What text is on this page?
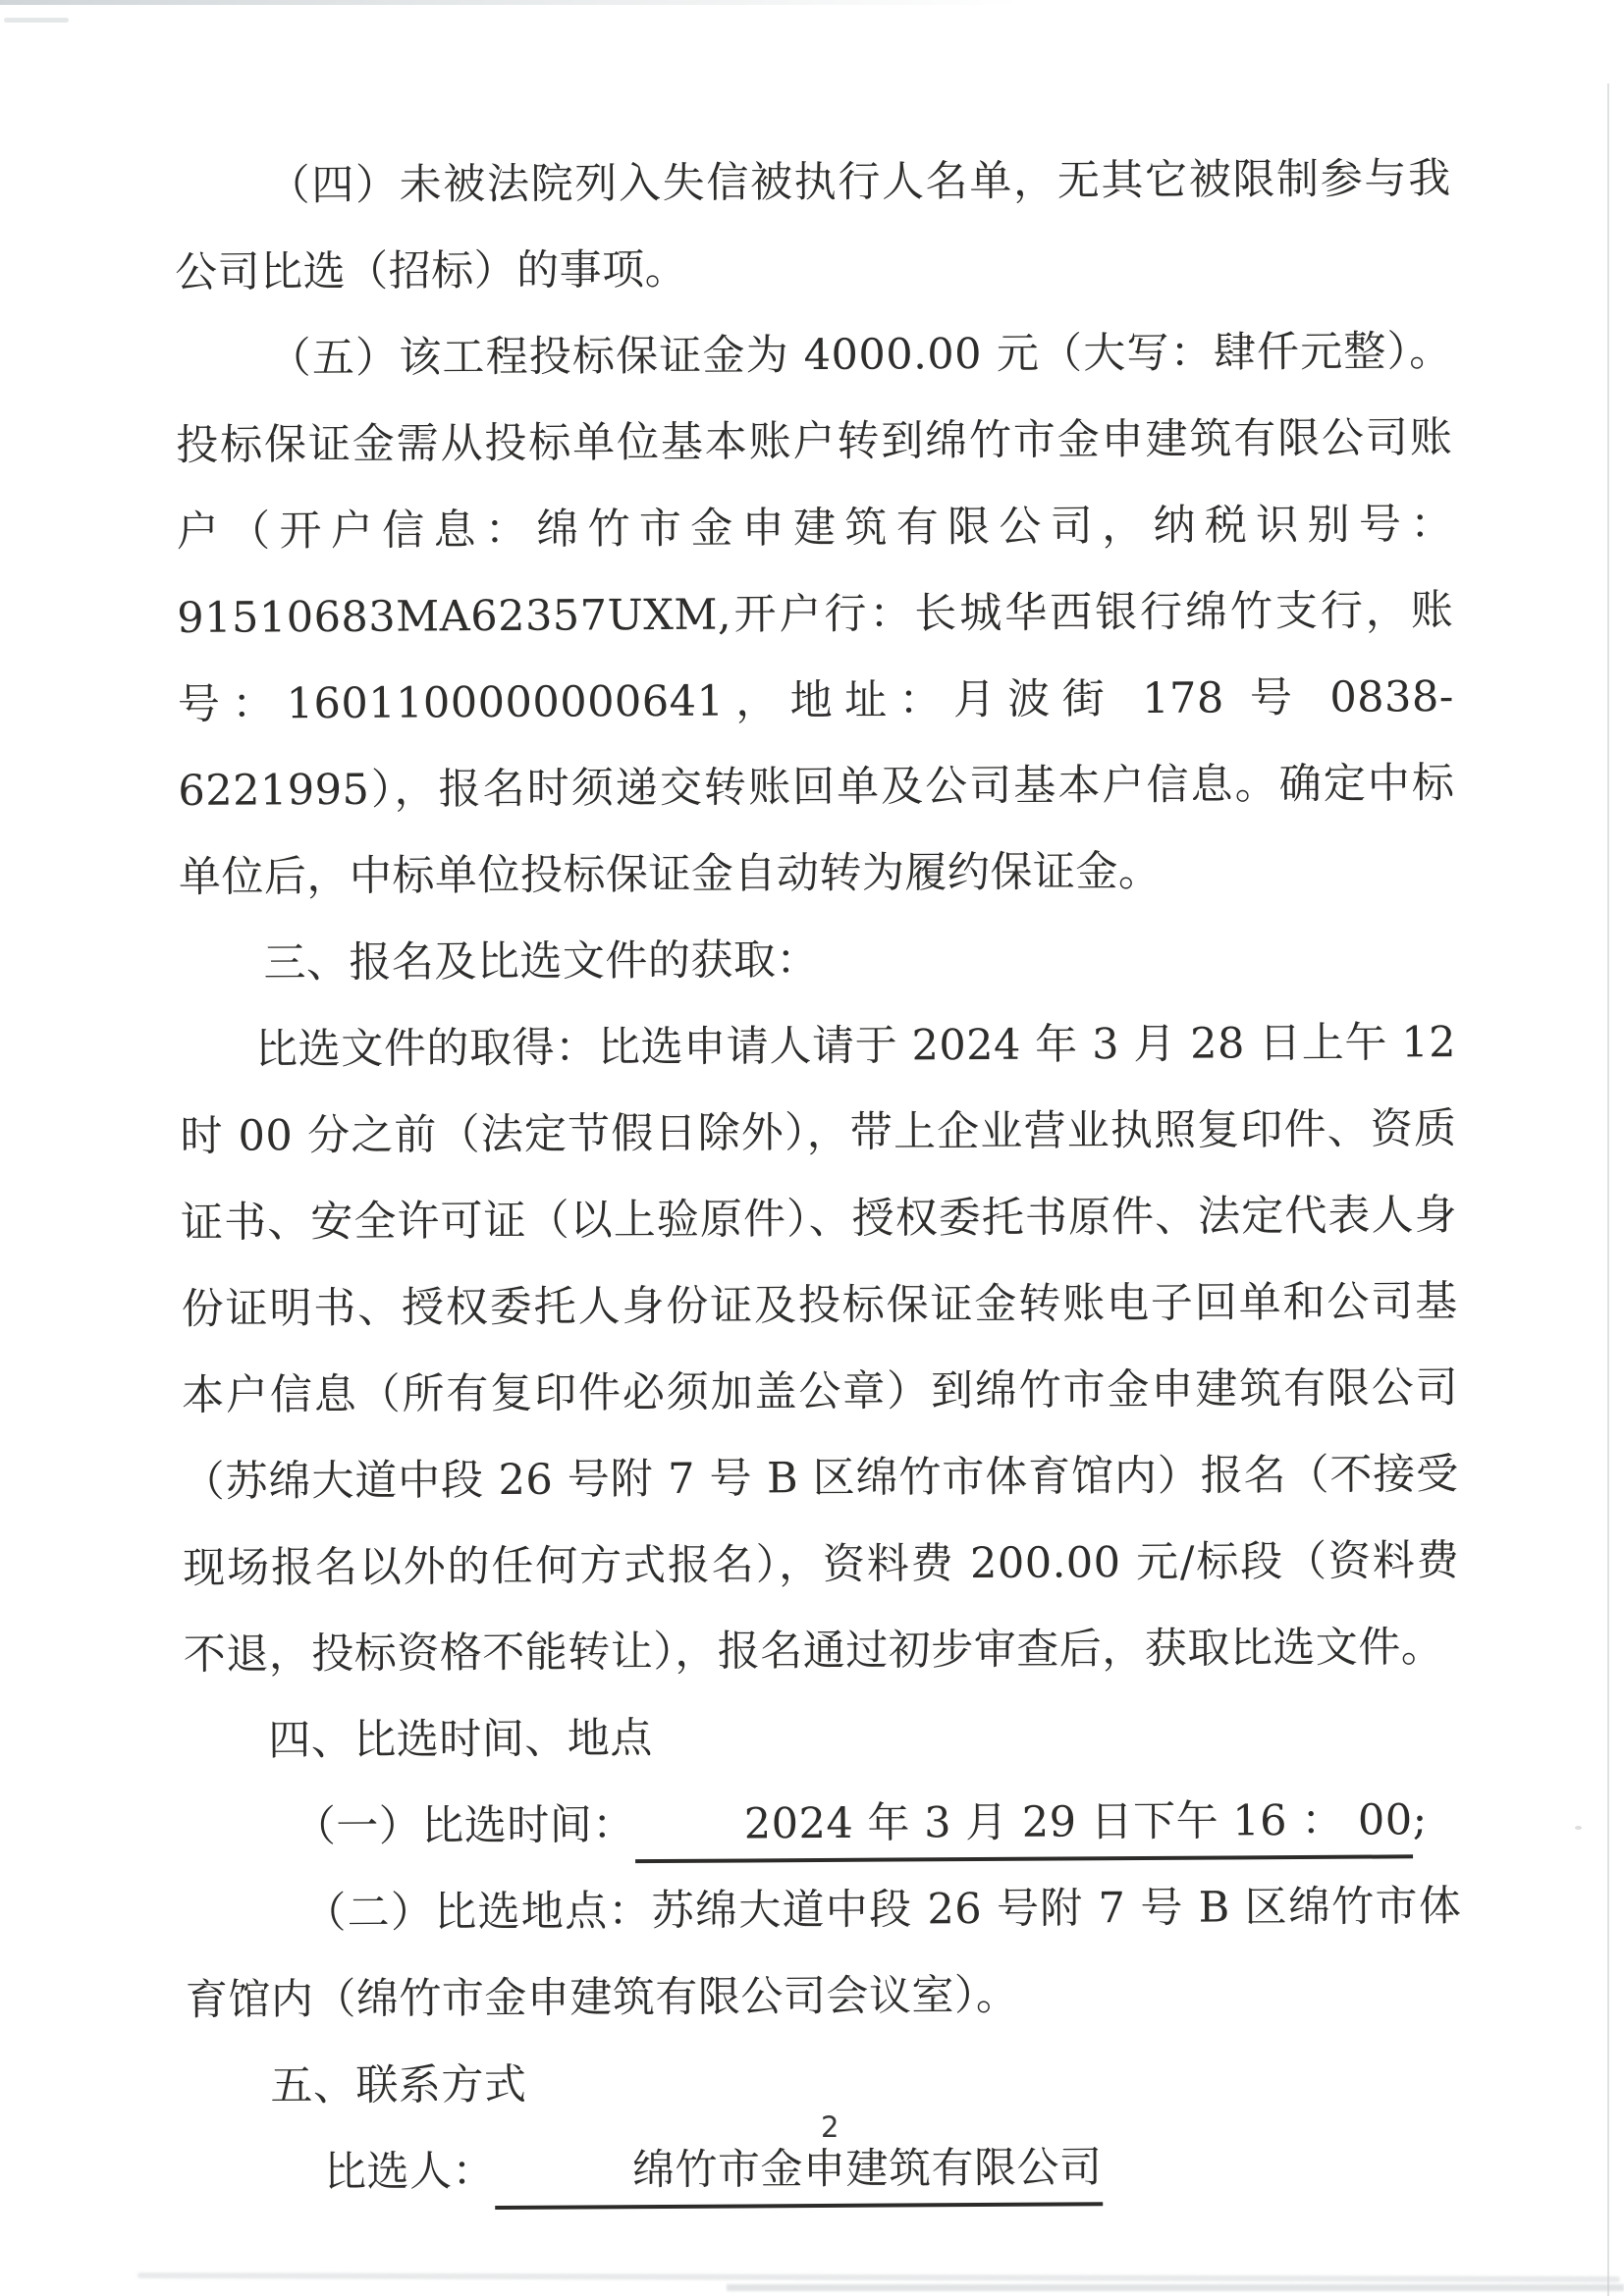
（四）未被法院列入失信被执行人名单，无其它被限制参与我公司比选（招标）的事项。

（五）该工程投标保证金为 4000.00 元（大写：肆仟元整）。投标保证金需从投标单位基本账户转到绵竹市金申建筑有限公司账户（开户信息：绵竹市金申建筑有限公司，纳税识别号：91510683MA62357UXM,开户行：长城华西银行绵竹支行，账号：1601100000000641，地址：月波街 178 号 0838-6221995），报名时须递交转账回单及公司基本户信息。确定中标单位后，中标单位投标保证金自动转为履约保证金。

三、报名及比选文件的获取：

比选文件的取得：比选申请人请于 2024 年 3 月 28 日上午 12 时 00 分之前（法定节假日除外），带上企业营业执照复印件、资质证书、安全许可证（以上验原件）、授权委托书原件、法定代表人身份证明书、授权委托人身份证及投标保证金转账电子回单和公司基本户信息（所有复印件必须加盖公章）到绵竹市金申建筑有限公司（苏绵大道中段 26 号附 7 号 B 区绵竹市体育馆内）报名（不接受现场报名以外的任何方式报名），资料费 200.00 元/标段（资料费不退，投标资格不能转让），报名通过初步审查后，获取比选文件。

四、比选时间、地点

（一）比选时间：	2024 年 3 月 29 日下午 16 ： 00;

（二）比选地点：苏绵大道中段 26 号附 7 号 B 区绵竹市体育馆内（绵竹市金申建筑有限公司会议室）。

五、联系方式

比选人：	绵竹市金申建筑有限公司

2
